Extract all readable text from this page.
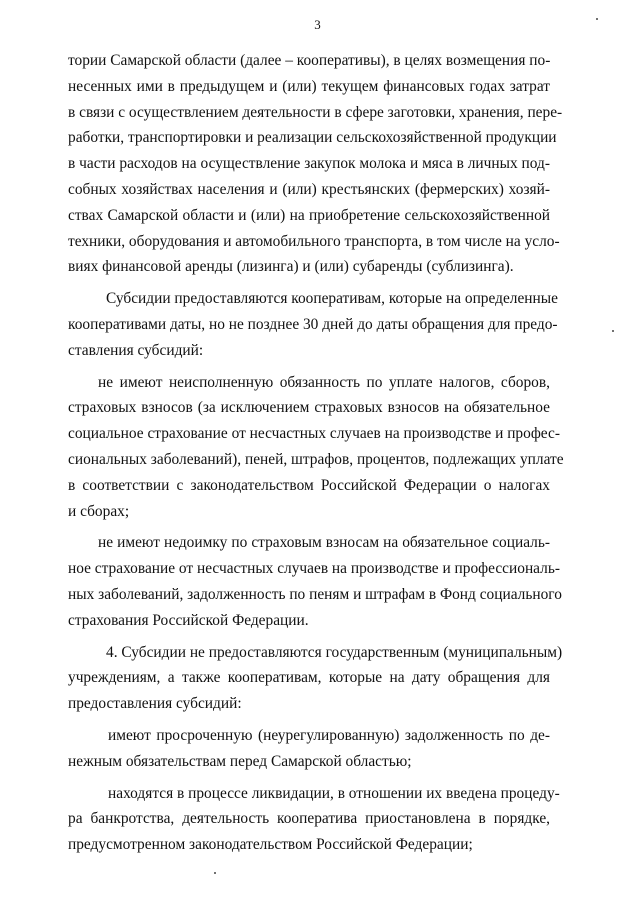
3
тории Самарской области (далее – кооперативы), в целях возмещения по-
несенных ими в предыдущем и (или) текущем финансовых годах затрат
в связи с осуществлением деятельности в сфере заготовки, хранения, пере-
работки, транспортировки и реализации сельскохозяйственной продукции
в части расходов на осуществление закупок молока и мяса в личных под-
собных хозяйствах населения и (или) крестьянских (фермерских) хозяй-
ствах Самарской области и (или) на приобретение сельскохозяйственной
техники, оборудования и автомобильного транспорта, в том числе на усло-
виях финансовой аренды (лизинга) и (или) субаренды (сублизинга).
Субсидии предоставляются кооперативам, которые на определенные
кооперативами даты, но не позднее 30 дней до даты обращения для предо-
ставления субсидий:
не имеют неисполненную обязанность по уплате налогов, сборов,
страховых взносов (за исключением страховых взносов на обязательное
социальное страхование от несчастных случаев на производстве и профес-
сиональных заболеваний), пеней, штрафов, процентов, подлежащих уплате
в соответствии с законодательством Российской Федерации о налогах
и сборах;
не имеют недоимку по страховым взносам на обязательное социаль-
ное страхование от несчастных случаев на производстве и профессиональ-
ных заболеваний, задолженность по пеням и штрафам в Фонд социального
страхования Российской Федерации.
4. Субсидии не предоставляются государственным (муниципальным)
учреждениям, а также кооперативам, которые на дату обращения для
предоставления субсидий:
имеют просроченную (неурегулированную) задолженность по де-
нежным обязательствам перед Самарской областью;
находятся в процессе ликвидации, в отношении их введена процеду-
ра банкротства, деятельность кооператива приостановлена в порядке,
предусмотренном законодательством Российской Федерации;
